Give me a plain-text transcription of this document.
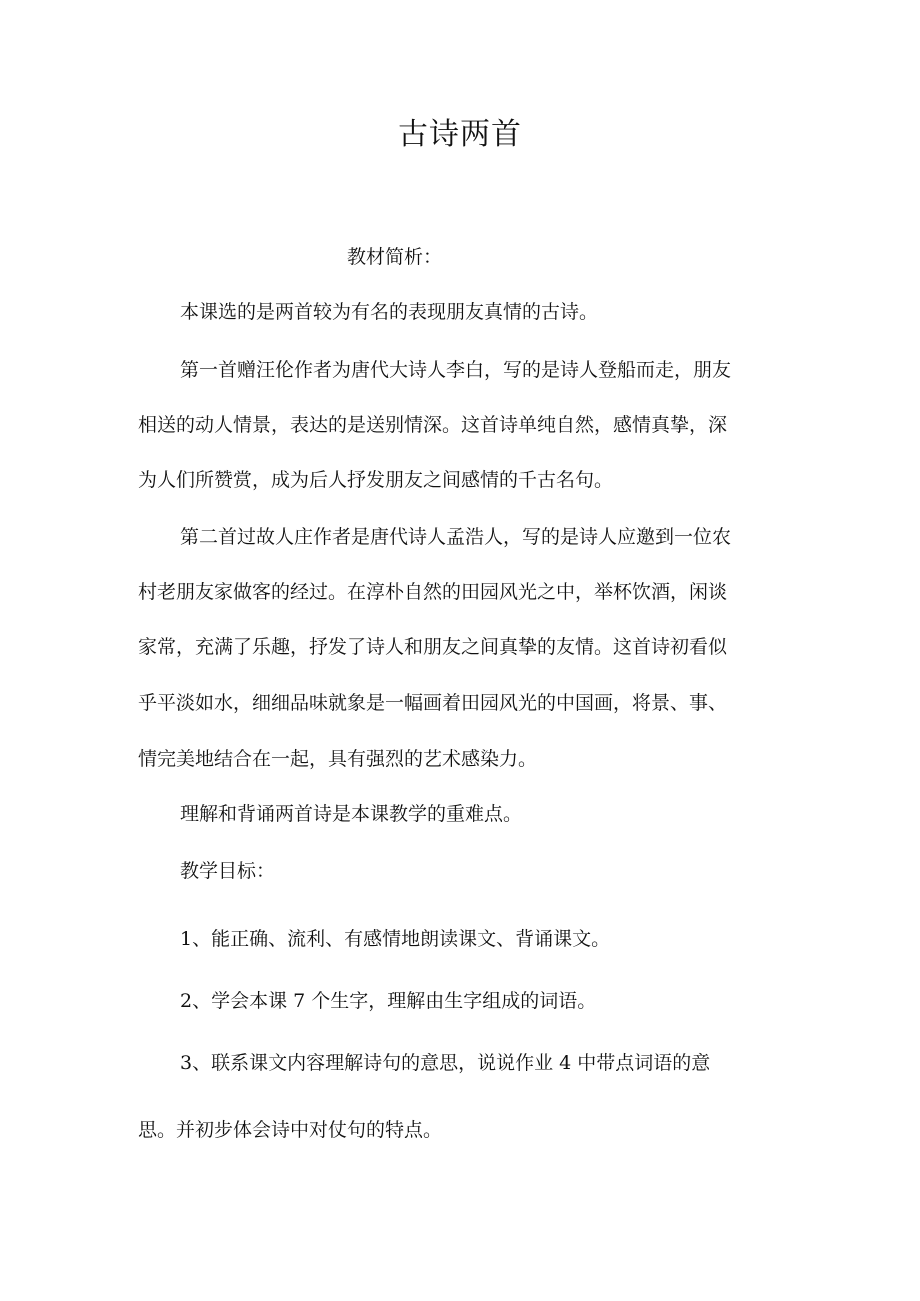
古诗两首
教材简析：
本课选的是两首较为有名的表现朋友真情的古诗。
第一首赠汪伦作者为唐代大诗人李白，写的是诗人登船而走，朋友
相送的动人情景，表达的是送别情深。这首诗单纯自然，感情真挚，深
为人们所赞赏，成为后人抒发朋友之间感情的千古名句。
第二首过故人庄作者是唐代诗人孟浩人，写的是诗人应邀到一位农
村老朋友家做客的经过。在淳朴自然的田园风光之中，举杯饮酒，闲谈
家常，充满了乐趣，抒发了诗人和朋友之间真挚的友情。这首诗初看似
乎平淡如水，细细品味就象是一幅画着田园风光的中国画，将景、事、
情完美地结合在一起，具有强烈的艺术感染力。
理解和背诵两首诗是本课教学的重难点。
教学目标：
1、能正确、流利、有感情地朗读课文、背诵课文。
2、学会本课 7 个生字，理解由生字组成的词语。
3、联系课文内容理解诗句的意思，说说作业 4 中带点词语的意
思。并初步体会诗中对仗句的特点。
